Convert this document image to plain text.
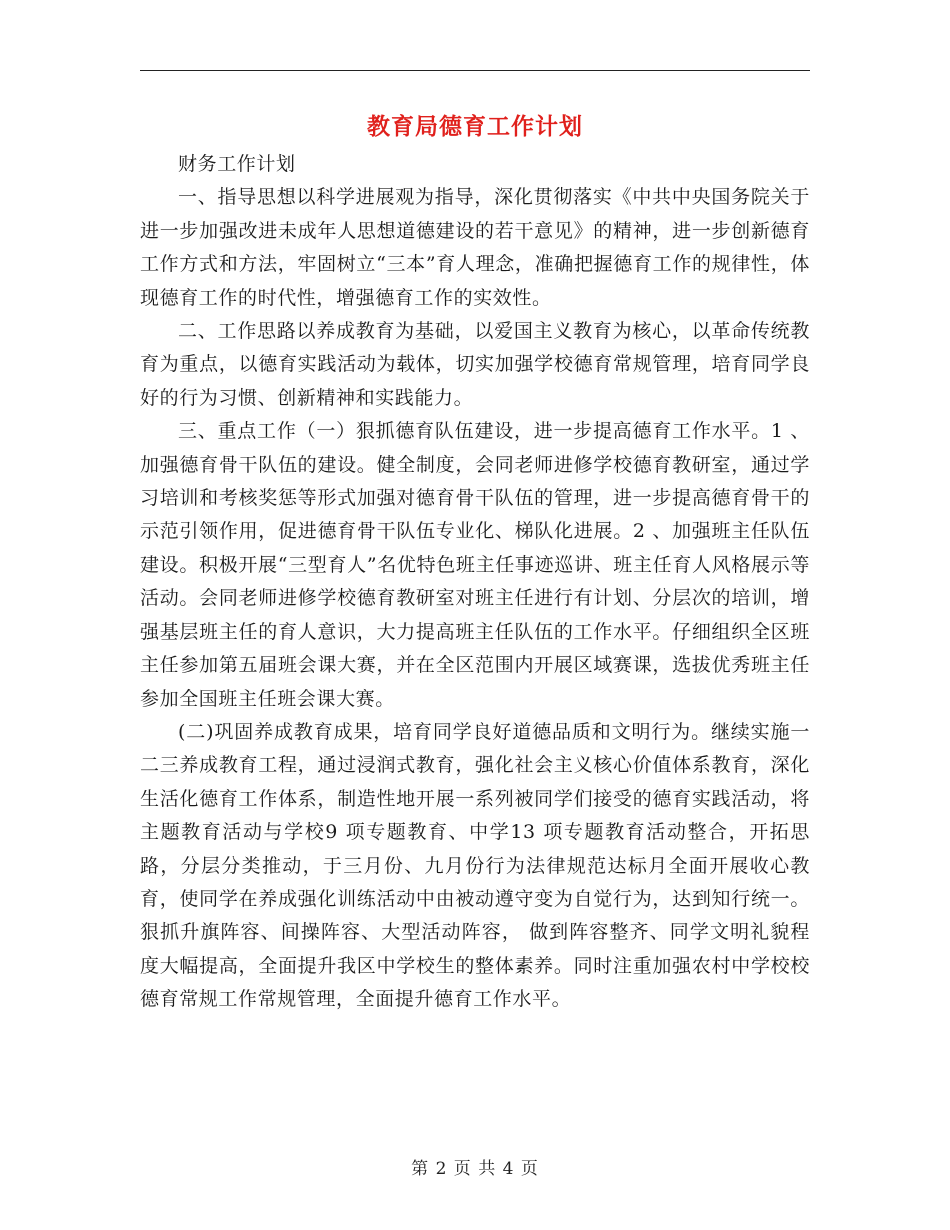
教育局德育工作计划

财务工作计划

一、指导思想以科学进展观为指导，深化贯彻落实《中共中央国务院关于进一步加强改进未成年人思想道德建设的若干意见》的精神，进一步创新德育工作方式和方法，牢固树立“三本”育人理念，准确把握德育工作的规律性，体现德育工作的时代性，增强德育工作的实效性。

二、工作思路以养成教育为基础，以爱国主义教育为核心，以革命传统教育为重点，以德育实践活动为载体，切实加强学校德育常规管理，培育同学良好的行为习惯、创新精神和实践能力。

三、重点工作（一）狠抓德育队伍建设，进一步提高德育工作水平。1 、加强德育骨干队伍的建设。健全制度，会同老师进修学校德育教研室，通过学习培训和考核奖惩等形式加强对德育骨干队伍的管理，进一步提高德育骨干的示范引领作用，促进德育骨干队伍专业化、梯队化进展。2 、加强班主任队伍建设。积极开展“三型育人”名优特色班主任事迹巡讲、班主任育人风格展示等活动。会同老师进修学校德育教研室对班主任进行有计划、分层次的培训，增强基层班主任的育人意识，大力提高班主任队伍的工作水平。仔细组织全区班主任参加第五届班会课大赛，并在全区范围内开展区域赛课，选拔优秀班主任参加全国班主任班会课大赛。

(二)巩固养成教育成果，培育同学良好道德品质和文明行为。继续实施一二三养成教育工程，通过浸润式教育，强化社会主义核心价值体系教育，深化生活化德育工作体系，制造性地开展一系列被同学们接受的德育实践活动，将主题教育活动与学校9 项专题教育、中学13 项专题教育活动整合，开拓思路，分层分类推动，于三月份、九月份行为法律规范达标月全面开展收心教育，使同学在养成强化训练活动中由被动遵守变为自觉行为，达到知行统一。 狠抓升旗阵容、间操阵容、大型活动阵容， 做到阵容整齐、同学文明礼貌程度大幅提高，全面提升我区中学校生的整体素养。同时注重加强农村中学校校德育常规工作常规管理，全面提升德育工作水平。

第 2 页 共 4 页
